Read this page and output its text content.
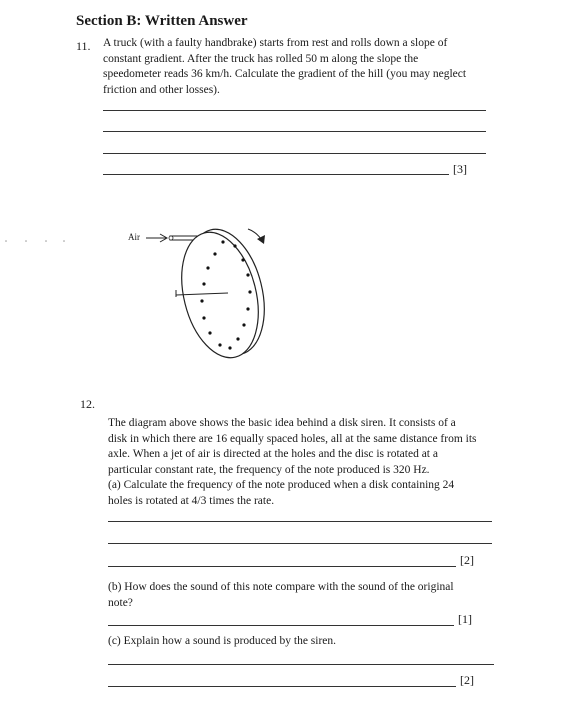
Section B: Written Answer
11. A truck (with a faulty handbrake) starts from rest and rolls down a slope of
constant gradient. After the truck has rolled 50 m along the slope the
speedometer reads 36 km/h. Calculate the gradient of the hill (you may neglect
friction and other losses).
[3]
Air
12.
The diagram above shows the basic idea behind a disk siren. It consists of a
disk in which there are 16 equally spaced holes, all at the same distance from its
axle. When a jet of air is directed at the holes and the disc is rotated at a
particular constant rate, the frequency of the note produced is 320 Hz.
(a) Calculate the frequency of the note produced when a disk containing 24
holes is rotated at 4/3 times the rate.
[2]
(b) How does the sound of this note compare with the sound of the original
note?
[1]
(c) Explain how a sound is produced by the siren.
[2]
